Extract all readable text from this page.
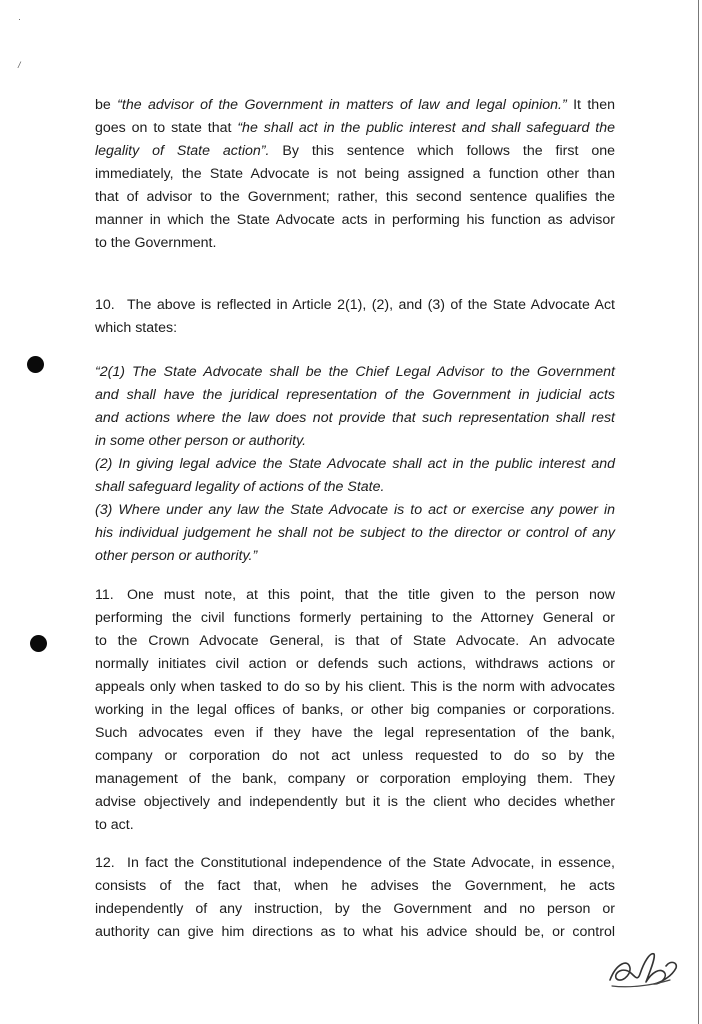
·
/
be “the advisor of the Government in matters of law and legal opinion.” It then
goes on to state that “he shall act in the public interest and shall safeguard the
legality of State action”. By this sentence which follows the first one
immediately, the State Advocate is not being assigned a function other than
that of advisor to the Government; rather, this second sentence qualifies the
manner in which the State Advocate acts in performing his function as advisor
to the Government.
10. The above is reflected in Article 2(1), (2), and (3) of the State Advocate Act
which states:
“2(1) The State Advocate shall be the Chief Legal Advisor to the Government
and shall have the juridical representation of the Government in judicial acts
and actions where the law does not provide that such representation shall rest
in some other person or authority.
(2) In giving legal advice the State Advocate shall act in the public interest and
shall safeguard legality of actions of the State.
(3) Where under any law the State Advocate is to act or exercise any power in
his individual judgement he shall not be subject to the director or control of any
other person or authority.”
11. One must note, at this point, that the title given to the person now
performing the civil functions formerly pertaining to the Attorney General or
to the Crown Advocate General, is that of State Advocate. An advocate
normally initiates civil action or defends such actions, withdraws actions or
appeals only when tasked to do so by his client. This is the norm with advocates
working in the legal offices of banks, or other big companies or corporations.
Such advocates even if they have the legal representation of the bank,
company or corporation do not act unless requested to do so by the
management of the bank, company or corporation employing them. They
advise objectively and independently but it is the client who decides whether
to act.
12. In fact the Constitutional independence of the State Advocate, in essence,
consists of the fact that, when he advises the Government, he acts
independently of any instruction, by the Government and no person or
authority can give him directions as to what his advice should be, or control
